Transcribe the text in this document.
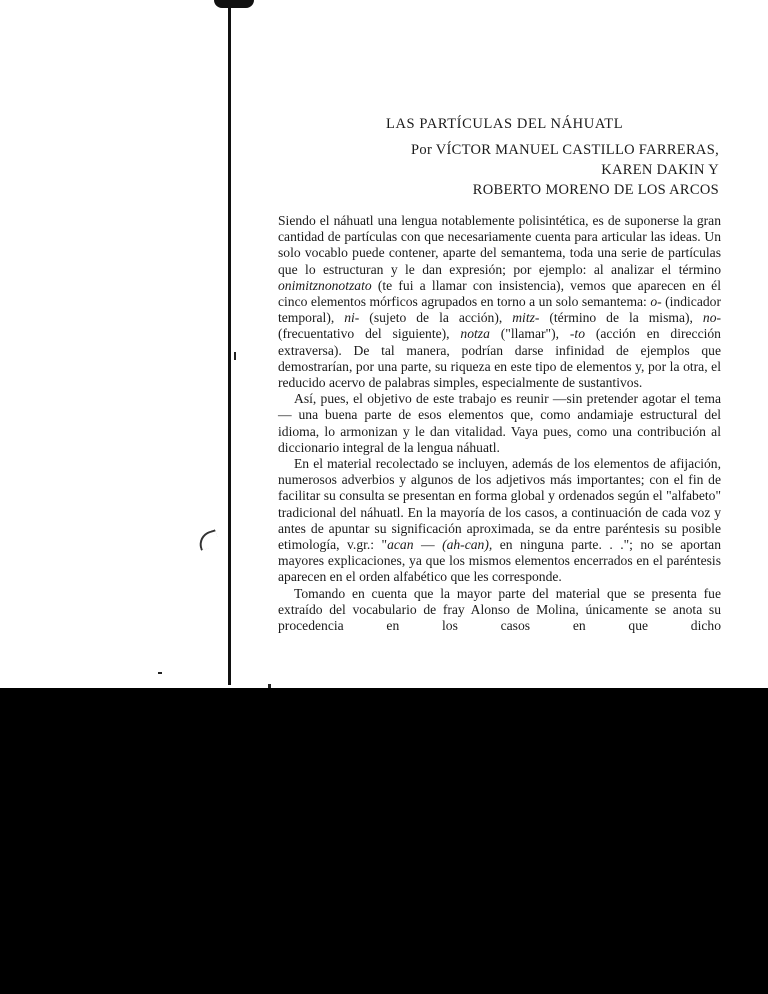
LAS PARTÍCULAS DEL NÁHUATL
Por VÍCTOR MANUEL CASTILLO FARRERAS,
KAREN DAKIN Y
ROBERTO MORENO DE LOS ARCOS

Siendo el náhuatl una lengua notablemente polisintética, es de suponerse la gran cantidad de partículas con que necesariamente cuenta para articular las ideas. Un solo vocablo puede contener, aparte del semantema, toda una serie de partículas que lo estructuran y le dan expresión; por ejemplo: al analizar el término onimitznonotzato (te fui a llamar con insistencia), vemos que aparecen en él cinco elementos mórficos agrupados en torno a un solo semantema: o- (indicador temporal), ni- (sujeto de la acción), mitz- (término de la misma), no- (frecuentativo del siguiente), notza ("llamar"), -to (acción en dirección extraversa). De tal manera, podrían darse infinidad de ejemplos que demostrarían, por una parte, su riqueza en este tipo de elementos y, por la otra, el reducido acervo de palabras simples, especialmente de sustantivos.

Así, pues, el objetivo de este trabajo es reunir —sin pretender agotar el tema— una buena parte de esos elementos que, como andamiaje estructural del idioma, lo armonizan y le dan vitalidad. Vaya pues, como una contribución al diccionario integral de la lengua náhuatl.

En el material recolectado se incluyen, además de los elementos de afijación, numerosos adverbios y algunos de los adjetivos más importantes; con el fin de facilitar su consulta se presentan en forma global y ordenados según el "alfabeto" tradicional del náhuatl. En la mayoría de los casos, a continuación de cada voz y antes de apuntar su significación aproximada, se da entre paréntesis su posible etimología, v.gr.: "acan — (ah-can), en ninguna parte. . ."; no se aportan mayores explicaciones, ya que los mismos elementos encerrados en el paréntesis aparecen en el orden alfabético que les corresponde.

Tomando en cuenta que la mayor parte del material que se presenta fue extraído del vocabulario de fray Alonso de Molina, únicamente se anota su procedencia en los casos en que dicho
